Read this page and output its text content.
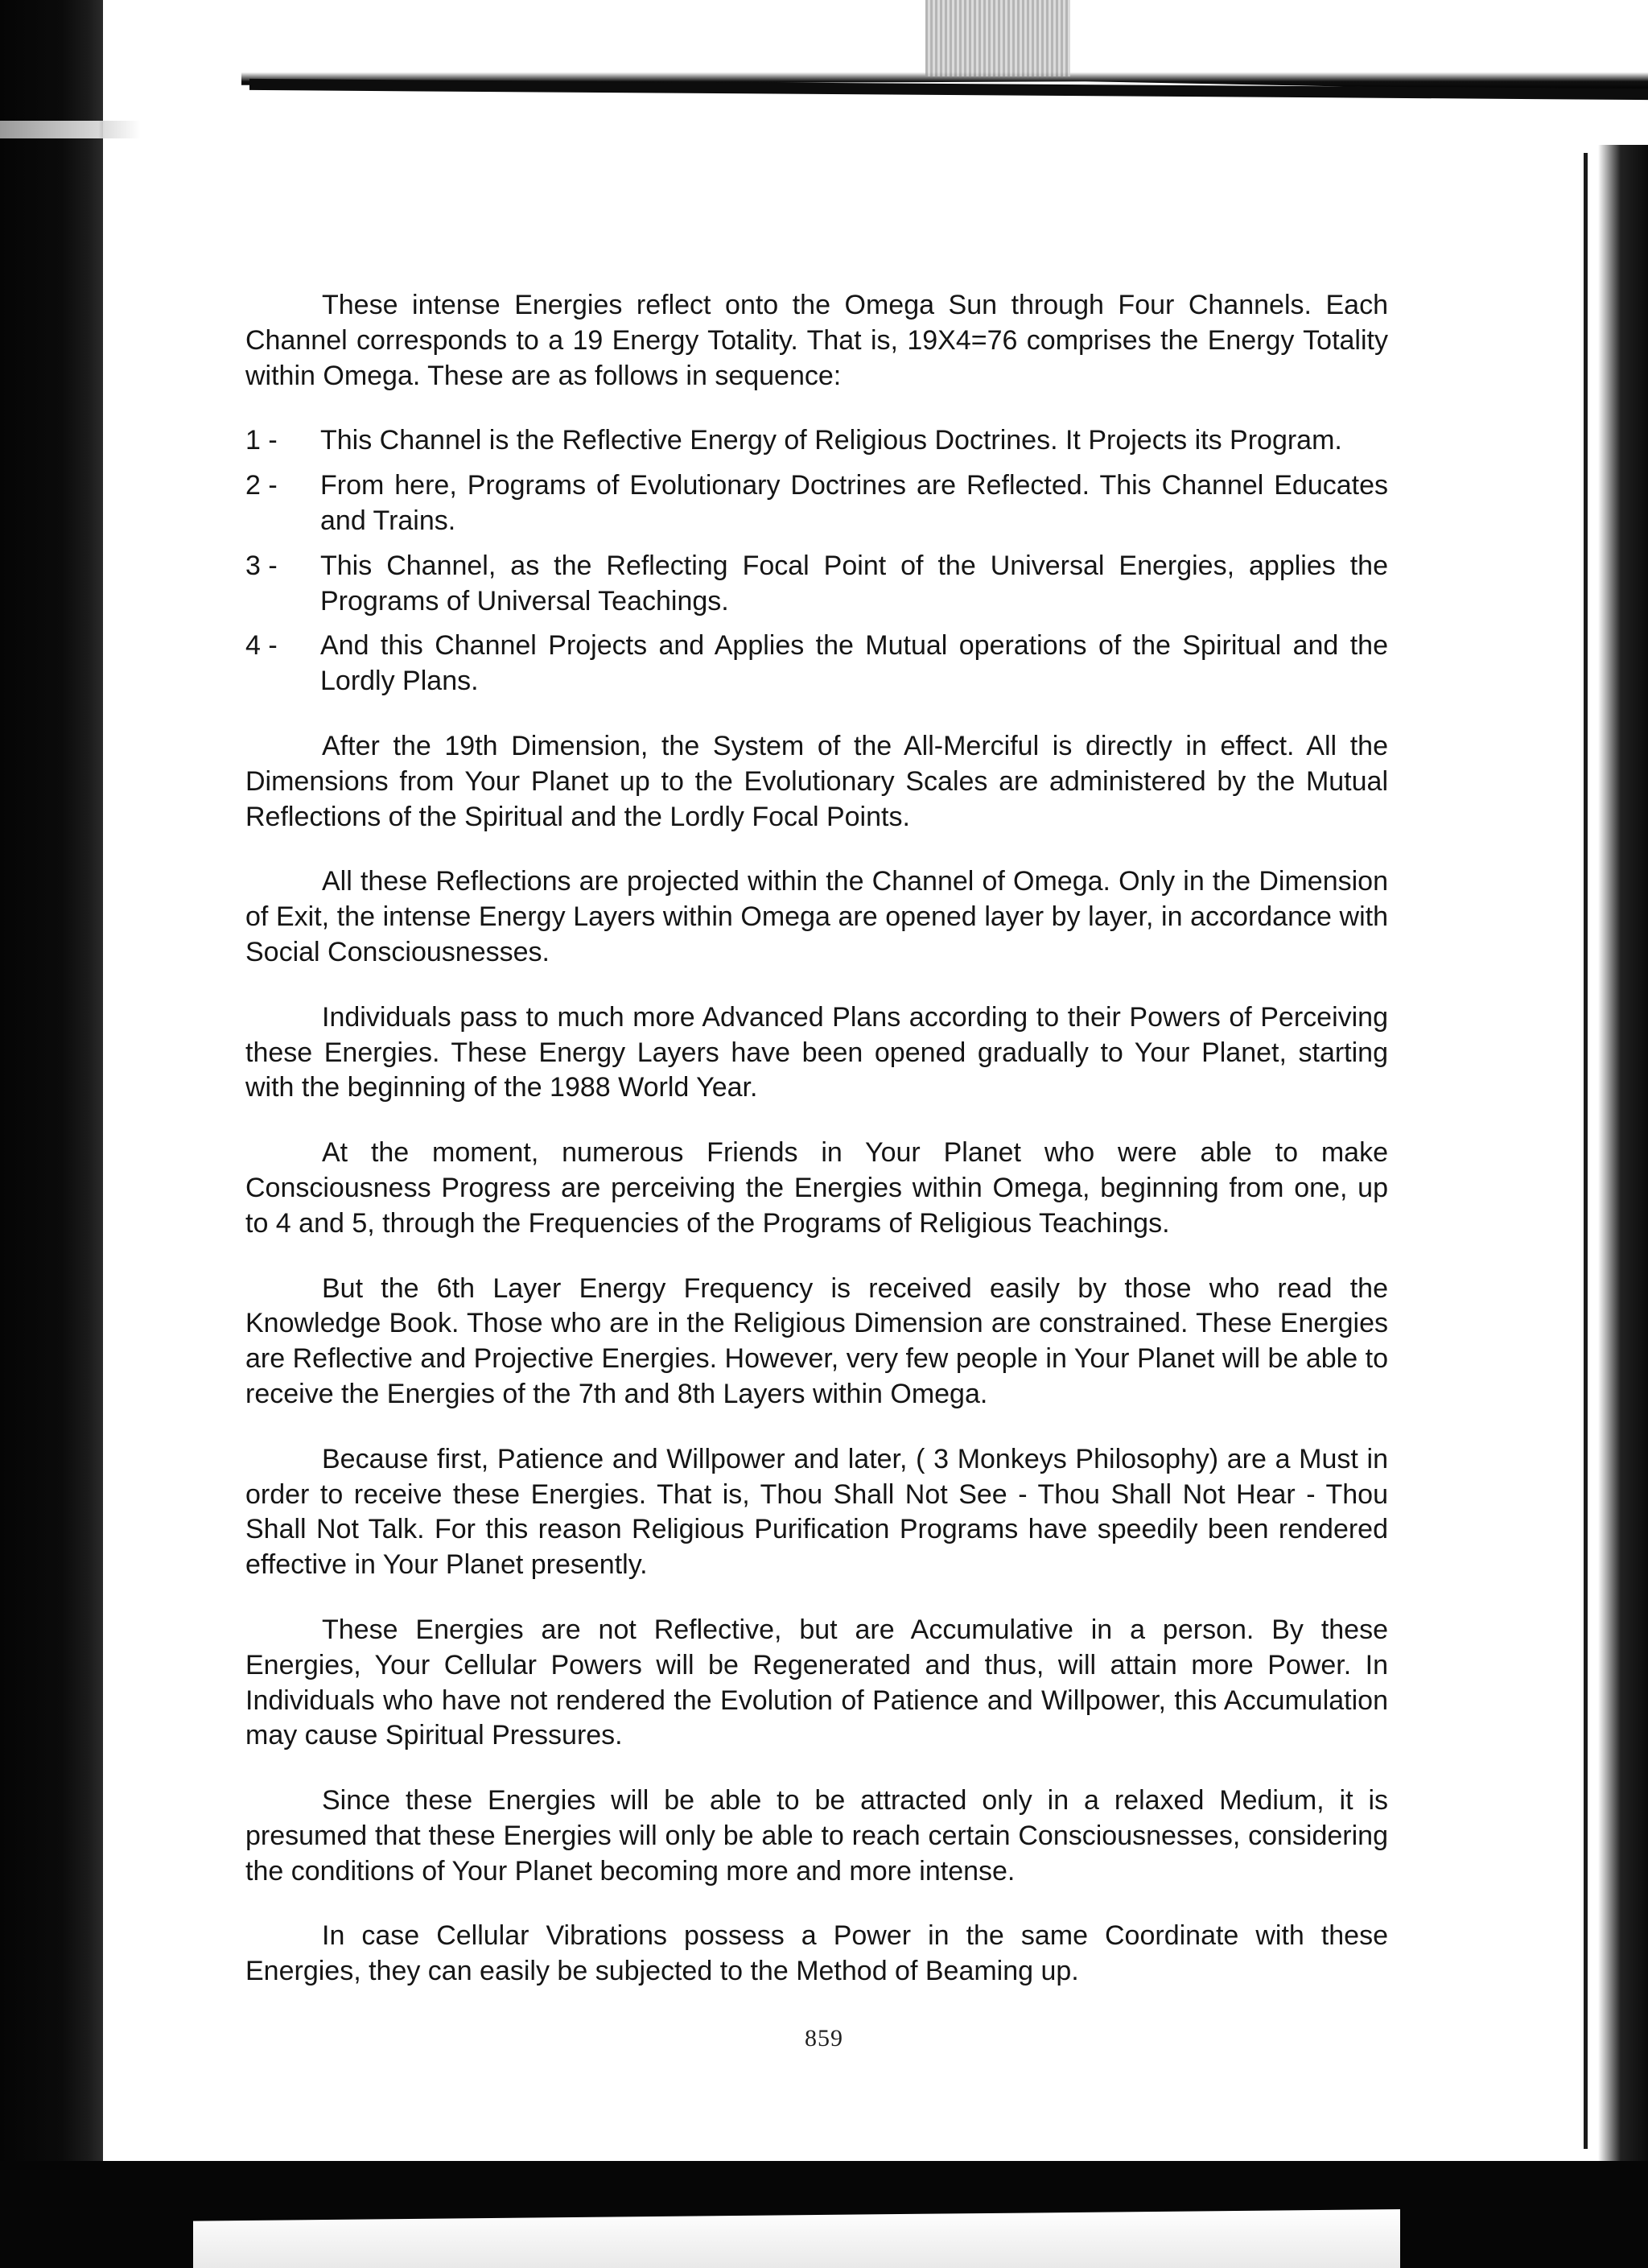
These intense Energies reflect onto the Omega Sun through Four Channels. Each Channel corresponds to a 19 Energy Totality. That is, 19X4=76 comprises the Energy Totality within Omega. These are as follows in sequence:

1 -	This Channel is the Reflective Energy of Religious Doctrines. It Projects its Program.
2 -	From here, Programs of Evolutionary Doctrines are Reflected. This Channel Educates and Trains.
3 -	This Channel, as the Reflecting Focal Point of the Universal Energies, applies the Programs of Universal Teachings.
4 -	And this Channel Projects and Applies the Mutual operations of the Spiritual and the Lordly Plans.

After the 19th Dimension, the System of the All-Merciful is directly in effect. All the Dimensions from Your Planet up to the Evolutionary Scales are administered by the Mutual Reflections of the Spiritual and the Lordly Focal Points.

All these Reflections are projected within the Channel of Omega. Only in the Dimension of Exit, the intense Energy Layers within Omega are opened layer by layer, in accordance with Social Consciousnesses.

Individuals pass to much more Advanced Plans according to their Powers of Perceiving these Energies. These Energy Layers have been opened gradually to Your Planet, starting with the beginning of the 1988 World Year.

At the moment, numerous Friends in Your Planet who were able to make Consciousness Progress are perceiving the Energies within Omega, beginning from one, up to 4 and 5, through the Frequencies of the Programs of Religious Teachings.

But the 6th Layer Energy Frequency is received easily by those who read the Knowledge Book. Those who are in the Religious Dimension are constrained. These Energies are Reflective and Projective Energies. However, very few people in Your Planet will be able to receive the Energies of the 7th and 8th Layers within Omega.

Because first, Patience and Willpower and later, ( 3 Monkeys Philosophy) are a Must in order to receive these Energies. That is, Thou Shall Not See - Thou Shall Not Hear - Thou Shall Not Talk. For this reason Religious Purification Programs have speedily been rendered effective in Your Planet presently.

These Energies are not Reflective, but are Accumulative in a person. By these Energies, Your Cellular Powers will be Regenerated and thus, will attain more Power. In Individuals who have not rendered the Evolution of Patience and Willpower, this Accumulation may cause Spiritual Pressures.

Since these Energies will be able to be attracted only in a relaxed Medium, it is presumed that these Energies will only be able to reach certain Consciousnesses, considering the conditions of Your Planet becoming more and more intense.

In case Cellular Vibrations possess a Power in the same Coordinate with these Energies, they can easily be subjected to the Method of Beaming up.

859
